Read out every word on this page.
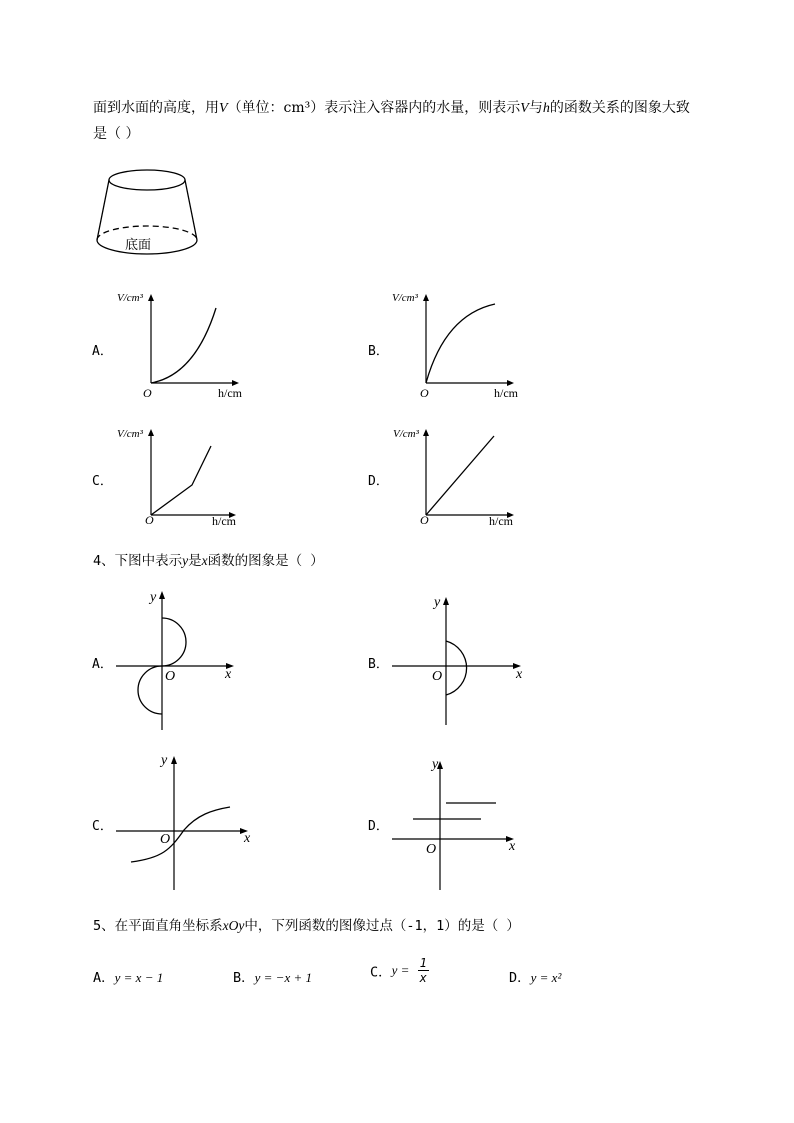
面到水面的高度，用V（单位：cm³）表示注入容器内的水量，则表示V与h的函数关系的图象大致
是（ ）
底面
A．
V/cm³
O	h/cm
B．
V/cm³
O	h/cm
C．
V/cm³
O	h/cm
D．
V/cm³
O	h/cm
4、下图中表示y是x函数的图象是（ ）
A．
y
O	x
B．
y
O	x
C．
y
O	x
D．
y
O	x
5、在平面直角坐标系xOy中，下列函数的图像过点（-1，1）的是（ ）
A．y = x − 1	B．y = −x + 1	C．$y = \frac{1}{x}$	D．y = x²
